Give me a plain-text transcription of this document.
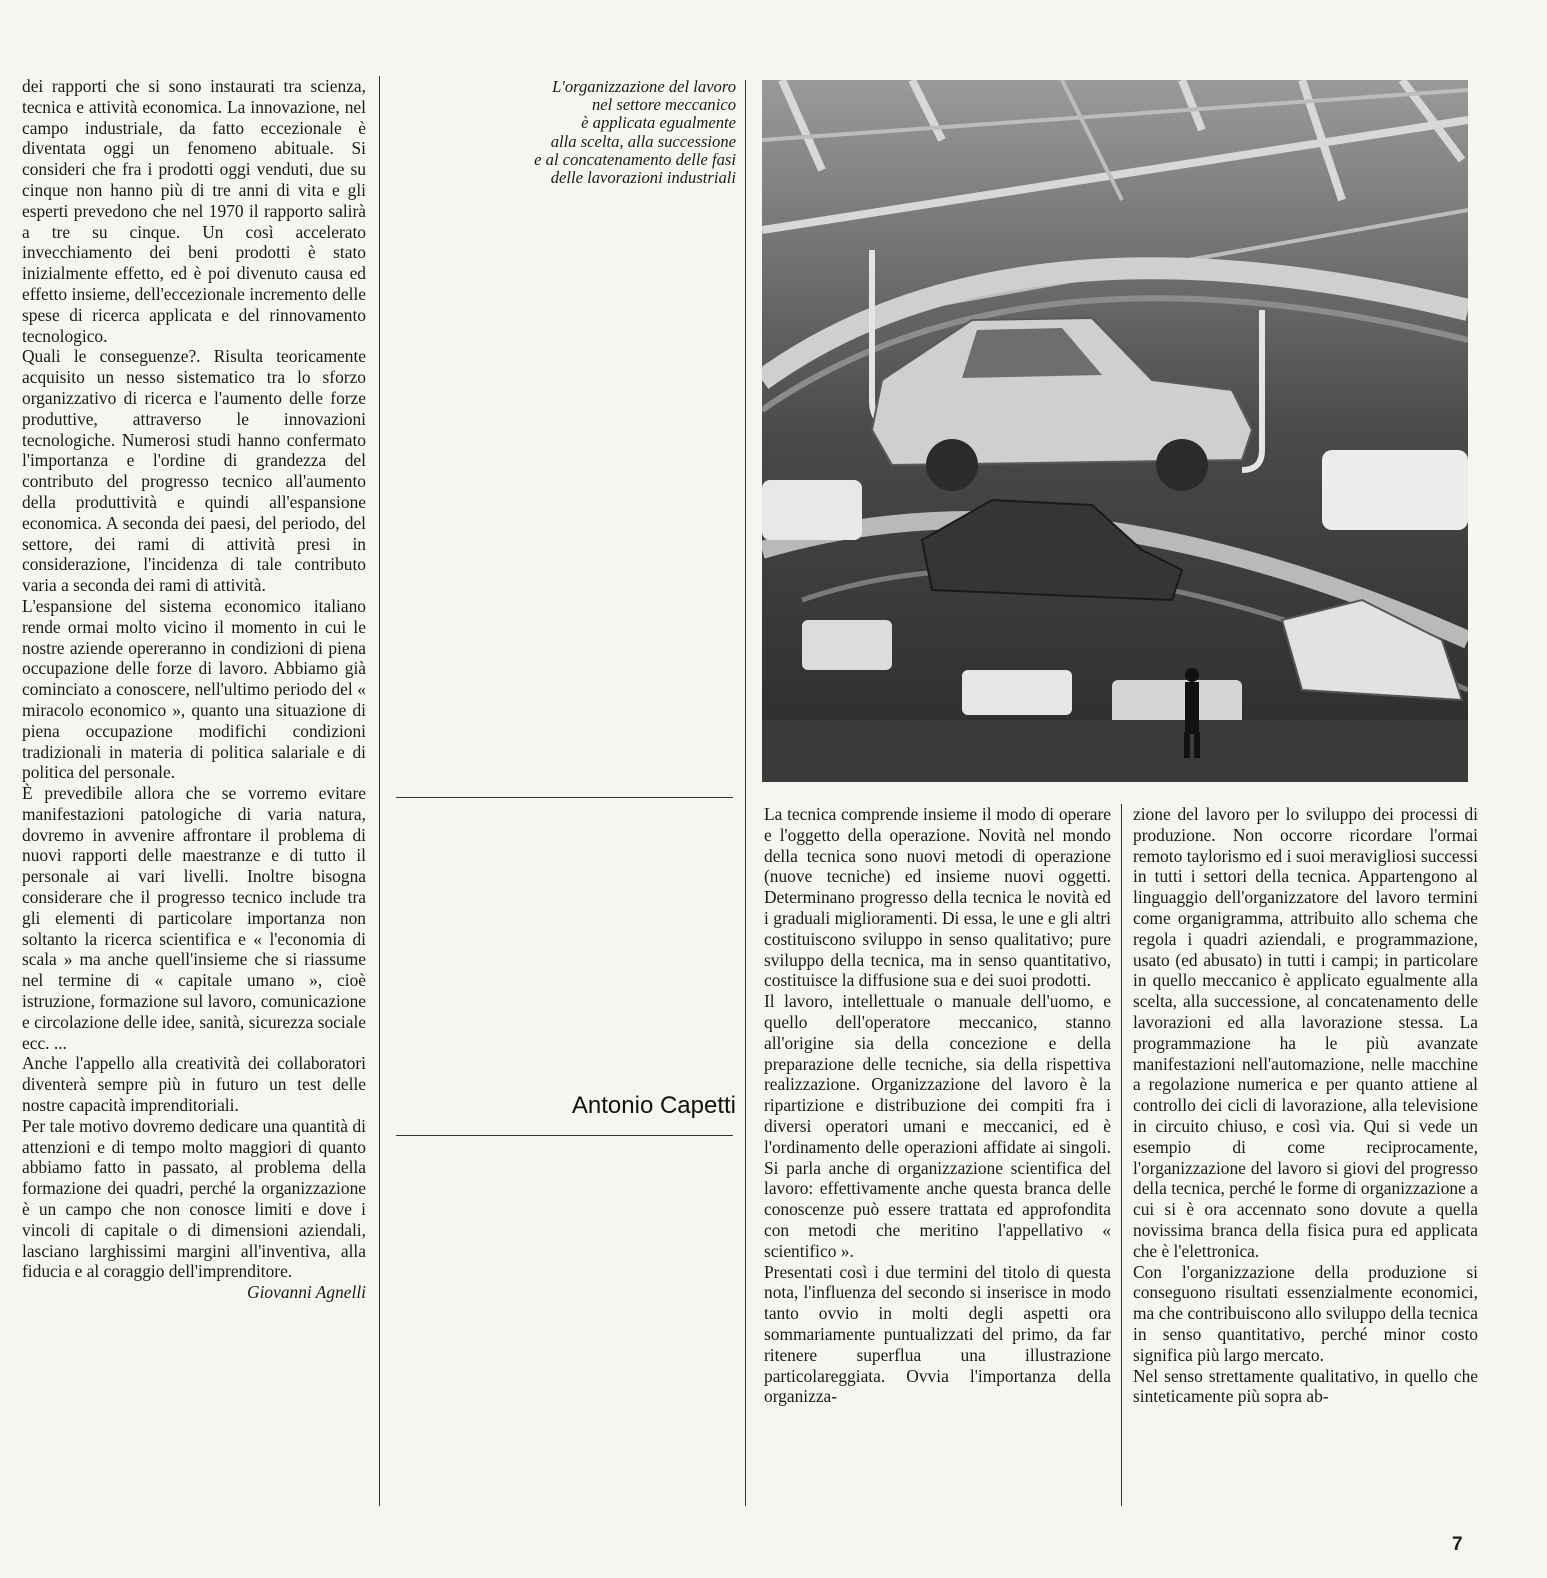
dei rapporti che si sono instaurati tra scienza, tecnica e attività economica. La innovazione, nel campo industriale, da fatto eccezionale è diventata oggi un fenomeno abituale. Si consideri che fra i prodotti oggi venduti, due su cinque non hanno più di tre anni di vita e gli esperti prevedono che nel 1970 il rapporto salirà a tre su cinque. Un così accelerato invecchiamento dei beni prodotti è stato inizialmente effetto, ed è poi divenuto causa ed effetto insieme, dell'eccezionale incremento delle spese di ricerca applicata e del rinnovamento tecnologico.

Quali le conseguenze?. Risulta teoricamente acquisito un nesso sistematico tra lo sforzo organizzativo di ricerca e l'aumento delle forze produttive, attraverso le innovazioni tecnologiche. Numerosi studi hanno confermato l'importanza e l'ordine di grandezza del contributo del progresso tecnico all'aumento della produttività e quindi all'espansione economica. A seconda dei paesi, del periodo, del settore, dei rami di attività presi in considerazione, l'incidenza di tale contributo varia a seconda dei rami di attività.

L'espansione del sistema economico italiano rende ormai molto vicino il momento in cui le nostre aziende opereranno in condizioni di piena occupazione delle forze di lavoro. Abbiamo già cominciato a conoscere, nell'ultimo periodo del « miracolo economico », quanto una situazione di piena occupazione modifichi condizioni tradizionali in materia di politica salariale e di politica del personale.

È prevedibile allora che se vorremo evitare manifestazioni patologiche di varia natura, dovremo in avvenire affrontare il problema di nuovi rapporti delle maestranze e di tutto il personale ai vari livelli. Inoltre bisogna considerare che il progresso tecnico include tra gli elementi di particolare importanza non soltanto la ricerca scientifica e « l'economia di scala » ma anche quell'insieme che si riassume nel termine di « capitale umano », cioè istruzione, formazione sul lavoro, comunicazione e circolazione delle idee, sanità, sicurezza sociale ecc. ...

Anche l'appello alla creatività dei collaboratori diventerà sempre più in futuro un test delle nostre capacità imprenditoriali.

Per tale motivo dovremo dedicare una quantità di attenzioni e di tempo molto maggiori di quanto abbiamo fatto in passato, al problema della formazione dei quadri, perché la organizzazione è un campo che non conosce limiti e dove i vincoli di capitale o di dimensioni aziendali, lasciano larghissimi margini all'inventiva, alla fiducia e al coraggio dell'imprenditore.

Giovanni Agnelli

L'organizzazione del lavoro
nel settore meccanico
è applicata egualmente
alla scelta, alla successione
e al concatenamento delle fasi
delle lavorazioni industriali
Antonio Capetti

La tecnica comprende insieme il modo di operare e l'oggetto della operazione. Novità nel mondo della tecnica sono nuovi metodi di operazione (nuove tecniche) ed insieme nuovi oggetti. Determinano progresso della tecnica le novità ed i graduali miglioramenti. Di essa, le une e gli altri costituiscono sviluppo in senso qualitativo; pure sviluppo della tecnica, ma in senso quantitativo, costituisce la diffusione sua e dei suoi prodotti.

Il lavoro, intellettuale o manuale dell'uomo, e quello dell'operatore meccanico, stanno all'origine sia della concezione e della preparazione delle tecniche, sia della rispettiva realizzazione. Organizzazione del lavoro è la ripartizione e distribuzione dei compiti fra i diversi operatori umani e meccanici, ed è l'ordinamento delle operazioni affidate ai singoli. Si parla anche di organizzazione scientifica del lavoro: effettivamente anche questa branca delle conoscenze può essere trattata ed approfondita con metodi che meritino l'appellativo « scientifico ».

Presentati così i due termini del titolo di questa nota, l'influenza del secondo si inserisce in modo tanto ovvio in molti degli aspetti ora sommariamente puntualizzati del primo, da far ritenere superflua una illustrazione particolareggiata. Ovvia l'importanza della organizza-

zione del lavoro per lo sviluppo dei processi di produzione. Non occorre ricordare l'ormai remoto taylorismo ed i suoi meravigliosi successi in tutti i settori della tecnica. Appartengono al linguaggio dell'organizzatore del lavoro termini come organigramma, attribuito allo schema che regola i quadri aziendali, e programmazione, usato (ed abusato) in tutti i campi; in particolare in quello meccanico è applicato egualmente alla scelta, alla successione, al concatenamento delle lavorazioni ed alla lavorazione stessa. La programmazione ha le più avanzate manifestazioni nell'automazione, nelle macchine a regolazione numerica e per quanto attiene al controllo dei cicli di lavorazione, alla televisione in circuito chiuso, e così via. Qui si vede un esempio di come reciprocamente, l'organizzazione del lavoro si giovi del progresso della tecnica, perché le forme di organizzazione a cui si è ora accennato sono dovute a quella novissima branca della fisica pura ed applicata che è l'elettronica.

Con l'organizzazione della produzione si conseguono risultati essenzialmente economici, ma che contribuiscono allo sviluppo della tecnica in senso quantitativo, perché minor costo significa più largo mercato.

Nel senso strettamente qualitativo, in quello che sinteticamente più sopra ab-

7
